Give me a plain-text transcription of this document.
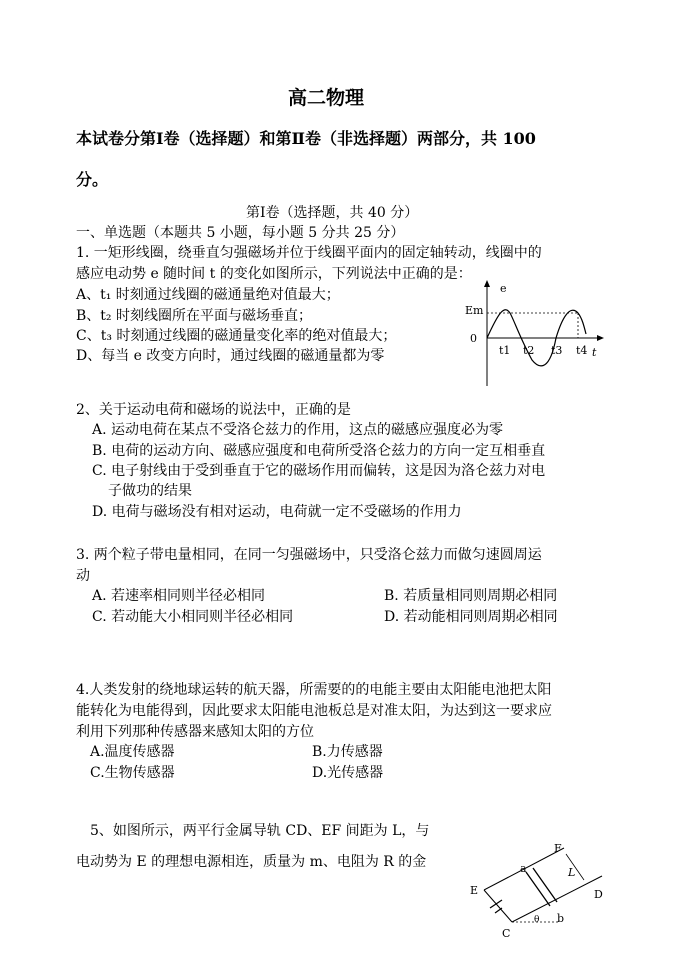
高二物理
本试卷分第Ⅰ卷（选择题）和第Ⅱ卷（非选择题）两部分，共 100
分。
第Ⅰ卷（选择题，共 40 分）
一、单选题（本题共 5 小题，每小题 5 分共 25 分）
1. 一矩形线圈，绕垂直匀强磁场并位于线圈平面内的固定轴转动，线圈中的
感应电动势 e 随时间 t 的变化如图所示，下列说法中正确的是：
A、t₁ 时刻通过线圈的磁通量绝对值最大；
B、t₂ 时刻线圈所在平面与磁场垂直；
C、t₃ 时刻通过线圈的磁通量变化率的绝对值最大；
D、每当 e 改变方向时，通过线圈的磁通量都为零
e
Em
0
t1 t2 t3 t4 t
2、关于运动电荷和磁场的说法中，正确的是
A. 运动电荷在某点不受洛仑兹力的作用，这点的磁感应强度必为零
B. 电荷的运动方向、磁感应强度和电荷所受洛仑兹力的方向一定互相垂直
C. 电子射线由于受到垂直于它的磁场作用而偏转，这是因为洛仑兹力对电
子做功的结果
D. 电荷与磁场没有相对运动，电荷就一定不受磁场的作用力
3. 两个粒子带电量相同，在同一匀强磁场中，只受洛仑兹力而做匀速圆周运
动
A. 若速率相同则半径必相同	B. 若质量相同则周期必相同
C. 若动能大小相同则半径必相同	D. 若动能相同则周期必相同
4.人类发射的绕地球运转的航天器，所需要的的电能主要由太阳能电池把太阳
能转化为电能得到，因此要求太阳能电池板总是对准太阳，为达到这一要求应
利用下列那种传感器来感知太阳的方位
A.温度传感器	B.力传感器
C.生物传感器	D.光传感器
5、如图所示，两平行金属导轨 CD、EF 间距为 L，与
电动势为 E 的理想电源相连，质量为 m、电阻为 R 的金
F
L
a
E	D
b
θ
C
